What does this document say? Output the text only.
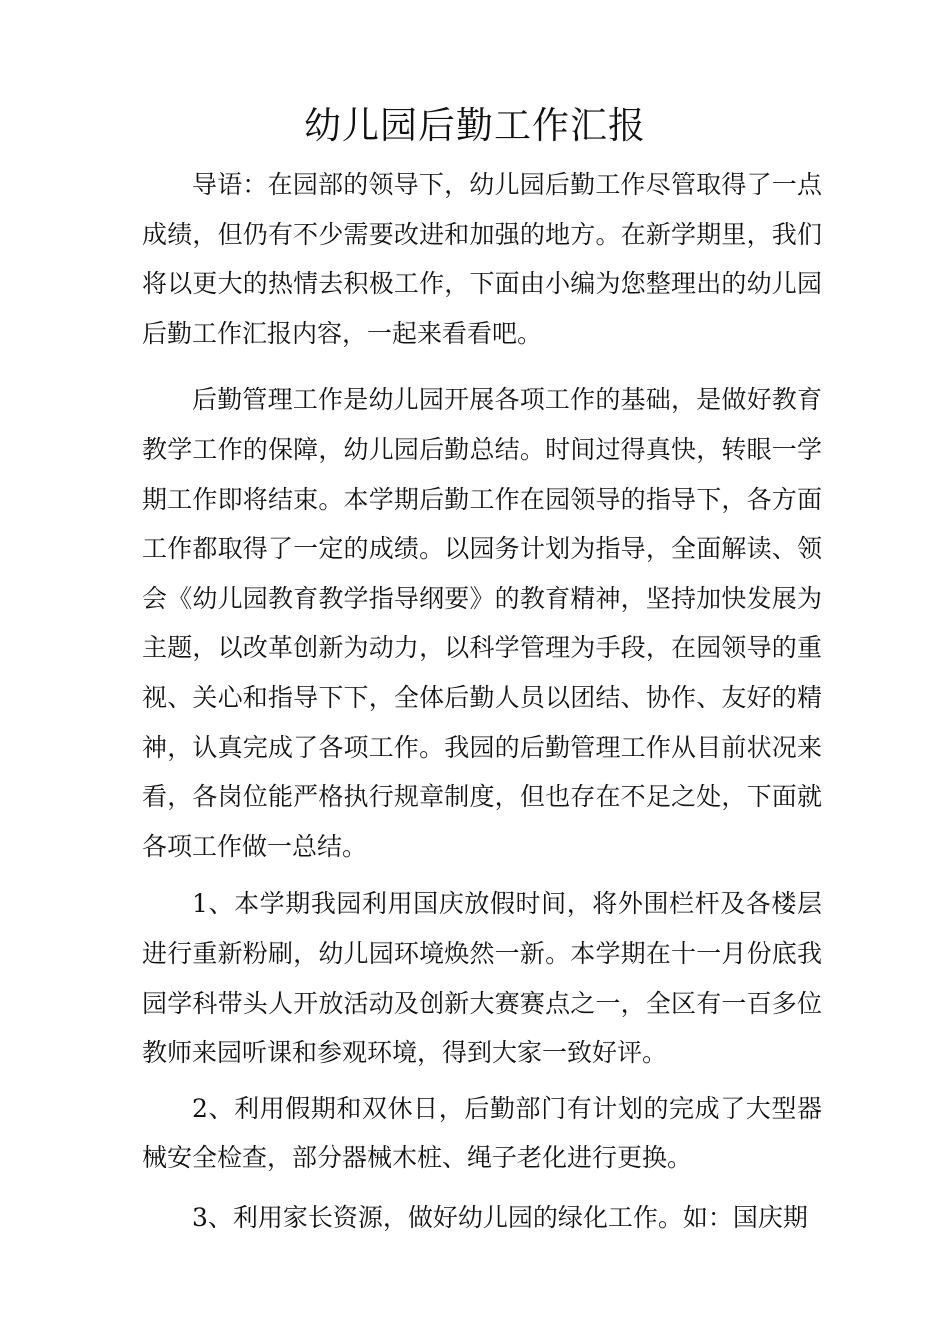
幼儿园后勤工作汇报

导语：在园部的领导下，幼儿园后勤工作尽管取得了一点成绩，但仍有不少需要改进和加强的地方。在新学期里，我们将以更大的热情去积极工作，下面由小编为您整理出的幼儿园后勤工作汇报内容，一起来看看吧。

后勤管理工作是幼儿园开展各项工作的基础，是做好教育教学工作的保障，幼儿园后勤总结。时间过得真快，转眼一学期工作即将结束。本学期后勤工作在园领导的指导下，各方面工作都取得了一定的成绩。以园务计划为指导，全面解读、领会《幼儿园教育教学指导纲要》的教育精神，坚持加快发展为主题，以改革创新为动力，以科学管理为手段，在园领导的重视、关心和指导下下，全体后勤人员以团结、协作、友好的精神，认真完成了各项工作。我园的后勤管理工作从目前状况来看，各岗位能严格执行规章制度，但也存在不足之处，下面就各项工作做一总结。

1、本学期我园利用国庆放假时间，将外围栏杆及各楼层进行重新粉刷，幼儿园环境焕然一新。本学期在十一月份底我园学科带头人开放活动及创新大赛赛点之一，全区有一百多位教师来园听课和参观环境，得到大家一致好评。

2、利用假期和双休日，后勤部门有计划的完成了大型器械安全检查，部分器械木桩、绳子老化进行更换。

3、利用家长资源，做好幼儿园的绿化工作。如：国庆期
